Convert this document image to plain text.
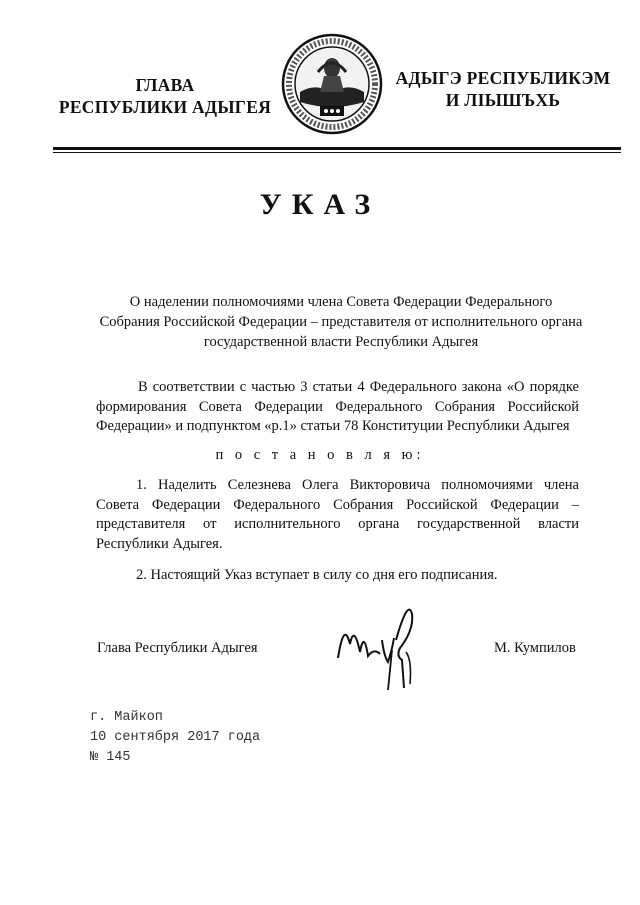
ГЛАВА
РЕСПУБЛИКИ АДЫГЕЯ
АДЫГЭ РЕСПУБЛИКЭМ
И ЛІЫШЪХЬ
УКАЗ
О наделении полномочиями члена Совета Федерации Федерального
Собрания Российской Федерации – представителя от исполнительного органа
государственной власти Республики Адыгея
В соответствии с частью 3 статьи 4 Федерального закона «О порядке формирования Совета Федерации Федерального Собрания Российской Федерации» и подпунктом «р.1» статьи 78 Конституции Республики Адыгея
п о с т а н о в л я ю:
1. Наделить Селезнева Олега Викторовича полномочиями члена Совета Федерации Федерального Собрания Российской Федерации – представителя от исполнительного органа государственной власти Республики Адыгея.
2. Настоящий Указ вступает в силу со дня его подписания.
Глава Республики Адыгея	М. Кумпилов
г. Майкоп
10 сентября 2017 года
№ 145
